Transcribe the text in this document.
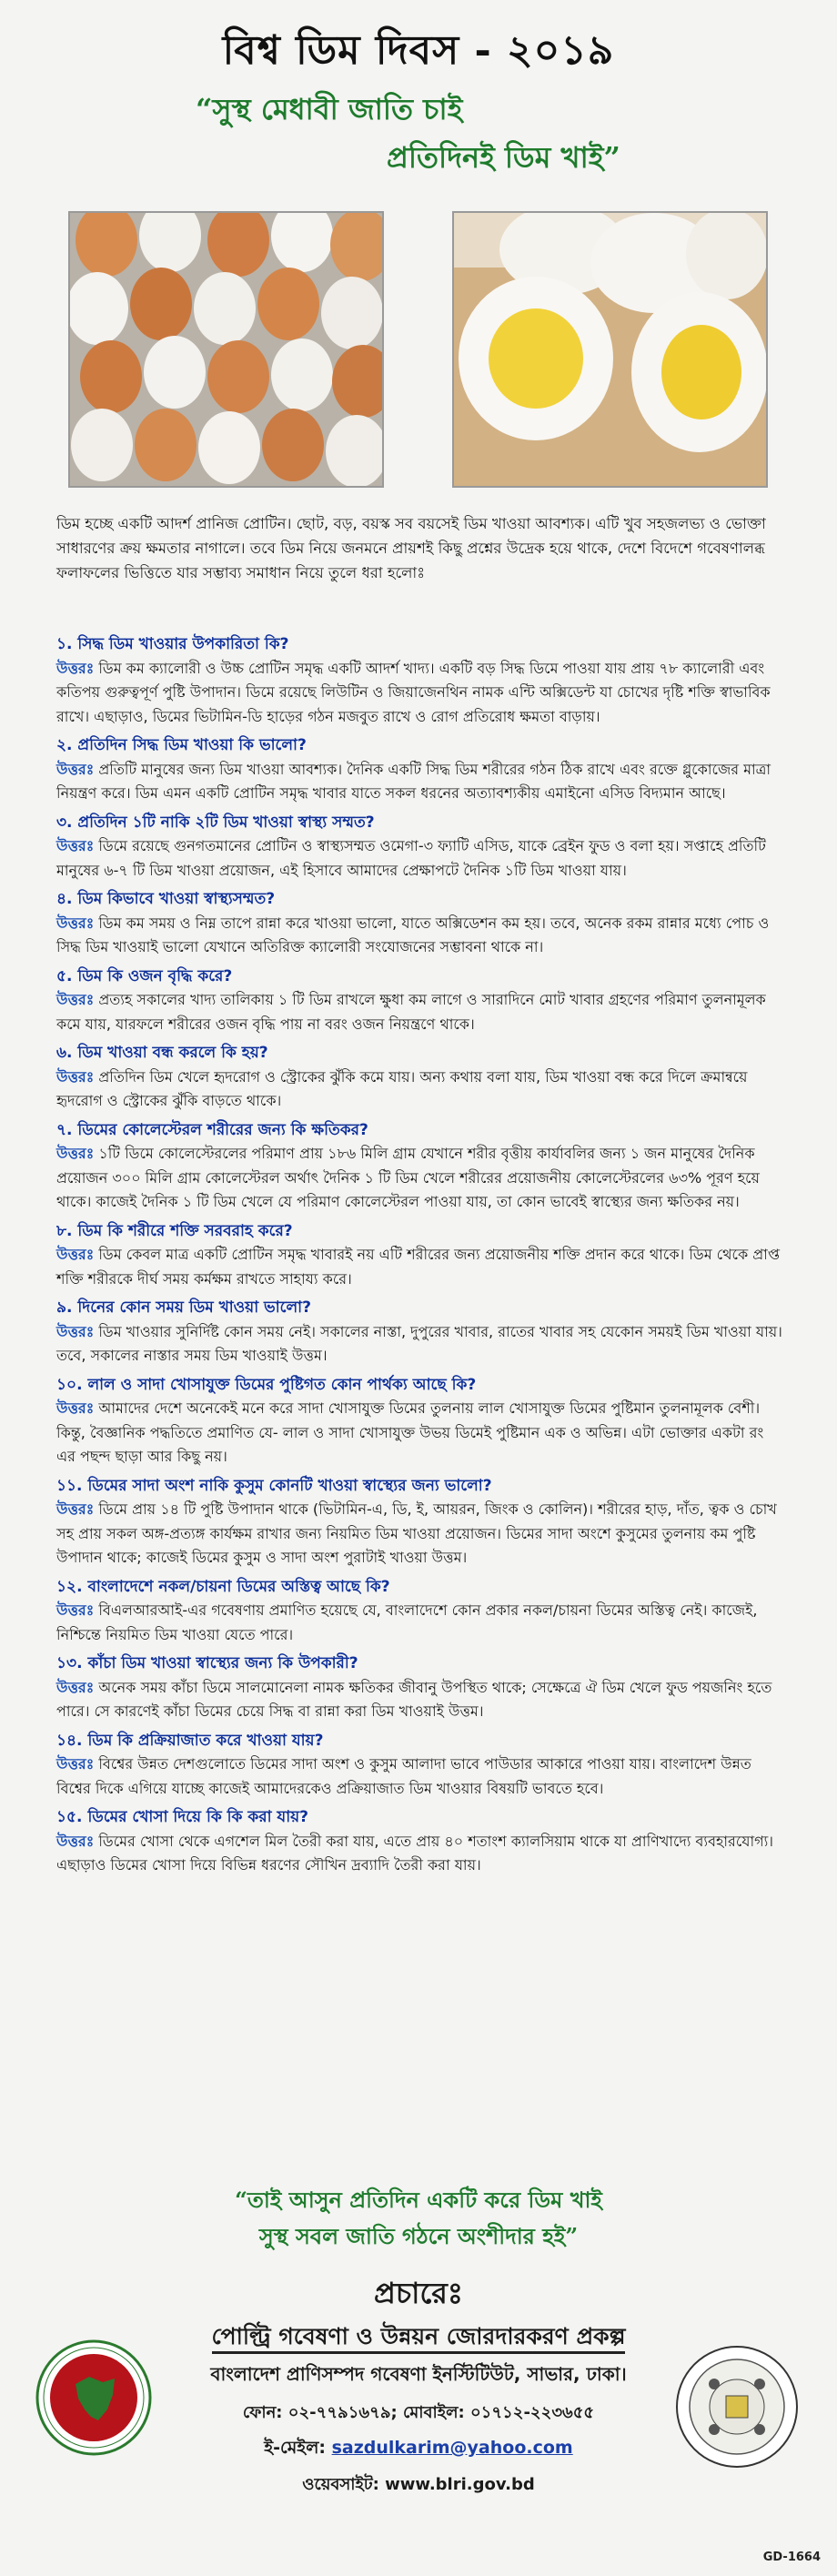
বিশ্ব ডিম দিবস - ২০১৯
“সুস্থ মেধাবী জাতি চাই
প্রতিদিনই ডিম খাই”
ডিম হচ্ছে একটি আদর্শ প্রানিজ প্রোটিন। ছোট, বড়, বয়স্ক সব বয়সেই ডিম খাওয়া আবশ্যক। এটি খুব সহজলভ্য ও ভোক্তা সাধারণের ক্রয় ক্ষমতার নাগালে। তবে ডিম নিয়ে জনমনে প্রায়শই কিছু প্রশ্নের উদ্রেক হয়ে থাকে, দেশে বিদেশে গবেষণালব্ধ ফলাফলের ভিত্তিতে যার সম্ভাব্য সমাধান নিয়ে তুলে ধরা হলোঃ
১. সিদ্ধ ডিম খাওয়ার উপকারিতা কি?

উত্তরঃ ডিম কম ক্যালোরী ও উচ্চ প্রোটিন সমৃদ্ধ একটি আদর্শ খাদ্য। একটি বড় সিদ্ধ ডিমে পাওয়া যায় প্রায় ৭৮ ক্যালোরী এবং কতিপয় গুরুত্বপূর্ণ পুষ্টি উপাদান। ডিমে রয়েছে লিউটিন ও জিয়াজেনথিন নামক এন্টি অক্সিডেন্ট যা চোখের দৃষ্টি শক্তি স্বাভাবিক রাখে। এছাড়াও, ডিমের ভিটামিন-ডি হাড়ের গঠন মজবুত রাখে ও রোগ প্রতিরোধ ক্ষমতা বাড়ায়।

২. প্রতিদিন সিদ্ধ ডিম খাওয়া কি ভালো?

উত্তরঃ প্রতিটি মানুষের জন্য ডিম খাওয়া আবশ্যক। দৈনিক একটি সিদ্ধ ডিম শরীরের গঠন ঠিক রাখে এবং রক্তে গ্লুকোজের মাত্রা নিয়ন্ত্রণ করে। ডিম এমন একটি প্রোটিন সমৃদ্ধ খাবার যাতে সকল ধরনের অত্যাবশ্যকীয় এমাইনো এসিড বিদ্যমান আছে।

৩. প্রতিদিন ১টি নাকি ২টি ডিম খাওয়া স্বাস্থ্য সম্মত?

উত্তরঃ ডিমে রয়েছে গুনগতমানের প্রোটিন ও স্বাস্থ্যসম্মত ওমেগা-৩ ফ্যাটি এসিড, যাকে ব্রেইন ফুড ও বলা হয়। সপ্তাহে প্রতিটি মানুষের ৬-৭ টি ডিম খাওয়া প্রয়োজন, এই হিসাবে আমাদের প্রেক্ষাপটে দৈনিক ১টি ডিম খাওয়া যায়।

৪. ডিম কিভাবে খাওয়া স্বাস্থ্যসম্মত?

উত্তরঃ ডিম কম সময় ও নিম্ন তাপে রান্না করে খাওয়া ভালো, যাতে অক্সিডেশন কম হয়। তবে, অনেক রকম রান্নার মধ্যে পোচ ও সিদ্ধ ডিম খাওয়াই ভালো যেখানে অতিরিক্ত ক্যালোরী সংযোজনের সম্ভাবনা থাকে না।

৫. ডিম কি ওজন বৃদ্ধি করে?

উত্তরঃ প্রত্যহ সকালের খাদ্য তালিকায় ১ টি ডিম রাখলে ক্ষুধা কম লাগে ও সারাদিনে মোট খাবার গ্রহণের পরিমাণ তুলনামূলক কমে যায়, যারফলে শরীরের ওজন বৃদ্ধি পায় না বরং ওজন নিয়ন্ত্রণে থাকে।

৬. ডিম খাওয়া বন্ধ করলে কি হয়?

উত্তরঃ প্রতিদিন ডিম খেলে হৃদরোগ ও স্ট্রোকের ঝুঁকি কমে যায়। অন্য কথায় বলা যায়, ডিম খাওয়া বন্ধ করে দিলে ক্রমান্বয়ে হৃদরোগ ও স্ট্রোকের ঝুঁকি বাড়তে থাকে।

৭. ডিমের কোলেস্টেরল শরীরের জন্য কি ক্ষতিকর?

উত্তরঃ ১টি ডিমে কোলেস্টেরলের পরিমাণ প্রায় ১৮৬ মিলি গ্রাম যেখানে শরীর বৃত্তীয় কার্যাবলির জন্য ১ জন মানুষের দৈনিক প্রয়োজন ৩০০ মিলি গ্রাম কোলেস্টেরল অর্থাৎ দৈনিক ১ টি ডিম খেলে শরীরের প্রয়োজনীয় কোলেস্টেরলের ৬৩% পূরণ হয়ে থাকে। কাজেই দৈনিক ১ টি ডিম খেলে যে পরিমাণ কোলেস্টেরল পাওয়া যায়, তা কোন ভাবেই স্বাস্থ্যের জন্য ক্ষতিকর নয়।

৮. ডিম কি শরীরে শক্তি সরবরাহ করে?

উত্তরঃ ডিম কেবল মাত্র একটি প্রোটিন সমৃদ্ধ খাবারই নয় এটি শরীরের জন্য প্রয়োজনীয় শক্তি প্রদান করে থাকে। ডিম থেকে প্রাপ্ত শক্তি শরীরকে দীর্ঘ সময় কর্মক্ষম রাখতে সাহায্য করে।

৯. দিনের কোন সময় ডিম খাওয়া ভালো?

উত্তরঃ ডিম খাওয়ার সুনির্দিষ্ট কোন সময় নেই। সকালের নাস্তা, দুপুরের খাবার, রাতের খাবার সহ যেকোন সময়ই ডিম খাওয়া যায়। তবে, সকালের নাস্তার সময় ডিম খাওয়াই উত্তম।

১০. লাল ও সাদা খোসাযুক্ত ডিমের পুষ্টিগত কোন পার্থক্য আছে কি?

উত্তরঃ আমাদের দেশে অনেকেই মনে করে সাদা খোসাযুক্ত ডিমের তুলনায় লাল খোসাযুক্ত ডিমের পুষ্টিমান তুলনামূলক বেশী। কিন্তু, বৈজ্ঞানিক পদ্ধতিতে প্রমাণিত যে- লাল ও সাদা খোসাযুক্ত উভয় ডিমেই পুষ্টিমান এক ও অভিন্ন। এটা ভোক্তার একটা রং এর পছন্দ ছাড়া আর কিছু নয়।

১১. ডিমের সাদা অংশ নাকি কুসুম কোনটি খাওয়া স্বাস্থ্যের জন্য ভালো?

উত্তরঃ ডিমে প্রায় ১৪ টি পুষ্টি উপাদান থাকে (ভিটামিন-এ, ডি, ই, আয়রন, জিংক ও কোলিন)। শরীরের হাড়, দাঁত, ত্বক ও চোখ সহ প্রায় সকল অঙ্গ-প্রত্যঙ্গ কার্যক্ষম রাখার জন্য নিয়মিত ডিম খাওয়া প্রয়োজন। ডিমের সাদা অংশে কুসুমের তুলনায় কম পুষ্টি উপাদান থাকে; কাজেই ডিমের কুসুম ও সাদা অংশ পুরাটাই খাওয়া উত্তম।

১২. বাংলাদেশে নকল/চায়না ডিমের অস্তিত্ব আছে কি?

উত্তরঃ বিএলআরআই-এর গবেষণায় প্রমাণিত হয়েছে যে, বাংলাদেশে কোন প্রকার নকল/চায়না ডিমের অস্তিত্ব নেই। কাজেই, নিশ্চিন্তে নিয়মিত ডিম খাওয়া যেতে পারে।

১৩. কাঁচা ডিম খাওয়া স্বাস্থ্যের জন্য কি উপকারী?

উত্তরঃ অনেক সময় কাঁচা ডিমে সালমোনেলা নামক ক্ষতিকর জীবানু উপস্থিত থাকে; সেক্ষেত্রে ঐ ডিম খেলে ফুড পয়জনিং হতে পারে। সে কারণেই কাঁচা ডিমের চেয়ে সিদ্ধ বা রান্না করা ডিম খাওয়াই উত্তম।

১৪. ডিম কি প্রক্রিয়াজাত করে খাওয়া যায়?

উত্তরঃ বিশ্বের উন্নত দেশগুলোতে ডিমের সাদা অংশ ও কুসুম আলাদা ভাবে পাউডার আকারে পাওয়া যায়। বাংলাদেশ উন্নত বিশ্বের দিকে এগিয়ে যাচ্ছে কাজেই আমাদেরকেও প্রক্রিয়াজাত ডিম খাওয়ার বিষয়টি ভাবতে হবে।

১৫. ডিমের খোসা দিয়ে কি কি করা যায়?

উত্তরঃ ডিমের খোসা থেকে এগশেল মিল তৈরী করা যায়, এতে প্রায় ৪০ শতাংশ ক্যালসিয়াম থাকে যা প্রাণিখাদ্যে ব্যবহারযোগ্য। এছাড়াও ডিমের খোসা দিয়ে বিভিন্ন ধরণের সৌখিন দ্রব্যাদি তৈরী করা যায়।

“তাই আসুন প্রতিদিন একটি করে ডিম খাই
সুস্থ সবল জাতি গঠনে অংশীদার হই”
প্রচারেঃ
পোল্ট্রি গবেষণা ও উন্নয়ন জোরদারকরণ প্রকল্প
বাংলাদেশ প্রাণিসম্পদ গবেষণা ইনস্টিটিউট, সাভার, ঢাকা।
ফোন: ০২-৭৭৯১৬৭৯; মোবাইল: ০১৭১২-২২৩৬৫৫
ই-মেইল: sazdulkarim@yahoo.com
ওয়েবসাইট: www.blri.gov.bd
GD-1664
